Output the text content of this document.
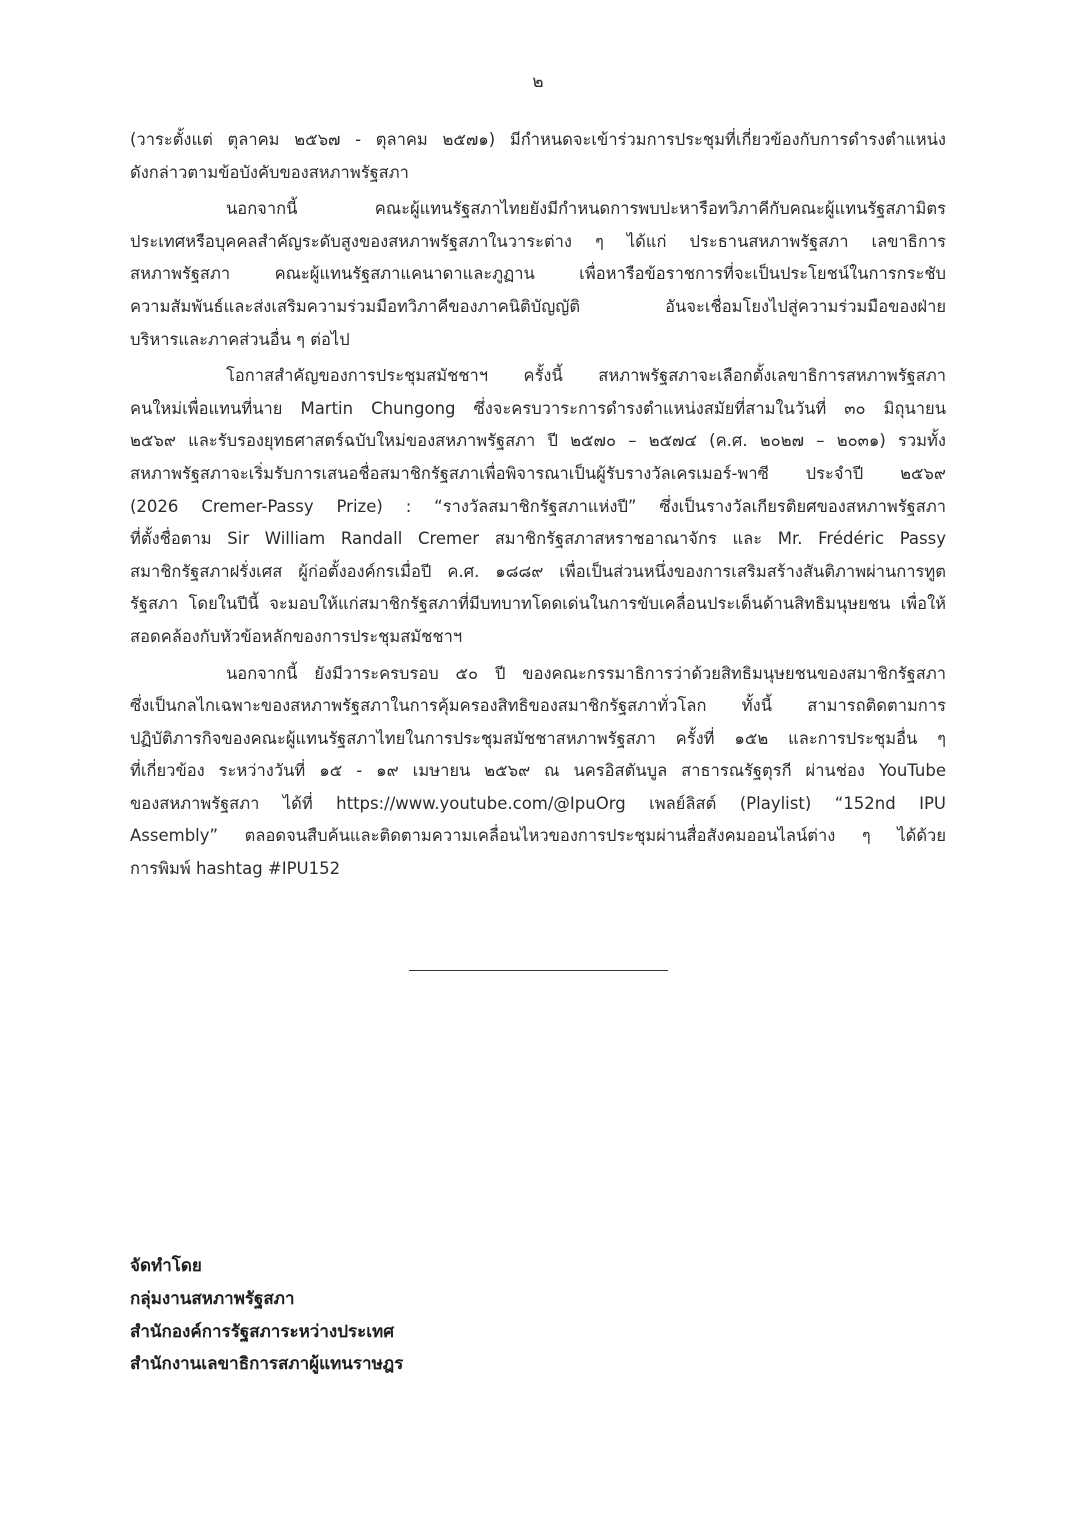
๒
(วาระตั้งแต่ ตุลาคม ๒๕๖๗ - ตุลาคม ๒๕๗๑) มีกำหนดจะเข้าร่วมการประชุมที่เกี่ยวข้องกับการดำรงตำแหน่ง
ดังกล่าวตามข้อบังคับของสหภาพรัฐสภา
นอกจากนี้ คณะผู้แทนรัฐสภาไทยยังมีกำหนดการพบปะหารือทวิภาคีกับคณะผู้แทนรัฐสภามิตร
ประเทศหรือบุคคลสำคัญระดับสูงของสหภาพรัฐสภาในวาระต่าง ๆ ได้แก่ ประธานสหภาพรัฐสภา เลขาธิการ
สหภาพรัฐสภา คณะผู้แทนรัฐสภาแคนาดาและภูฏาน เพื่อหารือข้อราชการที่จะเป็นประโยชน์ในการกระชับ
ความสัมพันธ์และส่งเสริมความร่วมมือทวิภาคีของภาคนิติบัญญัติ อันจะเชื่อมโยงไปสู่ความร่วมมือของฝ่าย
บริหารและภาคส่วนอื่น ๆ ต่อไป
โอกาสสำคัญของการประชุมสมัชชาฯ ครั้งนี้ สหภาพรัฐสภาจะเลือกตั้งเลขาธิการสหภาพรัฐสภา
คนใหม่เพื่อแทนที่นาย Martin Chungong ซึ่งจะครบวาระการดำรงตำแหน่งสมัยที่สามในวันที่ ๓๐ มิถุนายน
๒๕๖๙ และรับรองยุทธศาสตร์ฉบับใหม่ของสหภาพรัฐสภา ปี ๒๕๗๐ – ๒๕๗๔ (ค.ศ. ๒๐๒๗ – ๒๐๓๑) รวมทั้ง
สหภาพรัฐสภาจะเริ่มรับการเสนอชื่อสมาชิกรัฐสภาเพื่อพิจารณาเป็นผู้รับรางวัลเครเมอร์-พาซี ประจำปี ๒๕๖๙
(2026 Cremer-Passy Prize) : “รางวัลสมาชิกรัฐสภาแห่งปี” ซึ่งเป็นรางวัลเกียรติยศของสหภาพรัฐสภา
ที่ตั้งชื่อตาม Sir William Randall Cremer สมาชิกรัฐสภาสหราชอาณาจักร และ Mr. Frédéric Passy
สมาชิกรัฐสภาฝรั่งเศส ผู้ก่อตั้งองค์กรเมื่อปี ค.ศ. ๑๘๘๙ เพื่อเป็นส่วนหนึ่งของการเสริมสร้างสันติภาพผ่านการทูต
รัฐสภา โดยในปีนี้ จะมอบให้แก่สมาชิกรัฐสภาที่มีบทบาทโดดเด่นในการขับเคลื่อนประเด็นด้านสิทธิมนุษยชน เพื่อให้
สอดคล้องกับหัวข้อหลักของการประชุมสมัชชาฯ
นอกจากนี้ ยังมีวาระครบรอบ ๕๐ ปี ของคณะกรรมาธิการว่าด้วยสิทธิมนุษยชนของสมาชิกรัฐสภา
ซึ่งเป็นกลไกเฉพาะของสหภาพรัฐสภาในการคุ้มครองสิทธิของสมาชิกรัฐสภาทั่วโลก ทั้งนี้ สามารถติดตามการ
ปฏิบัติภารกิจของคณะผู้แทนรัฐสภาไทยในการประชุมสมัชชาสหภาพรัฐสภา ครั้งที่ ๑๕๒ และการประชุมอื่น ๆ
ที่เกี่ยวข้อง ระหว่างวันที่ ๑๕ - ๑๙ เมษายน ๒๕๖๙ ณ นครอิสตันบูล สาธารณรัฐตุรกี ผ่านช่อง YouTube
ของสหภาพรัฐสภา ได้ที่ https://www.youtube.com/@IpuOrg เพลย์ลิสต์ (Playlist) “152nd IPU
Assembly” ตลอดจนสืบค้นและติดตามความเคลื่อนไหวของการประชุมผ่านสื่อสังคมออนไลน์ต่าง ๆ ได้ด้วย
การพิมพ์ hashtag #IPU152
จัดทำโดย
กลุ่มงานสหภาพรัฐสภา
สำนักองค์การรัฐสภาระหว่างประเทศ
สำนักงานเลขาธิการสภาผู้แทนราษฎร
